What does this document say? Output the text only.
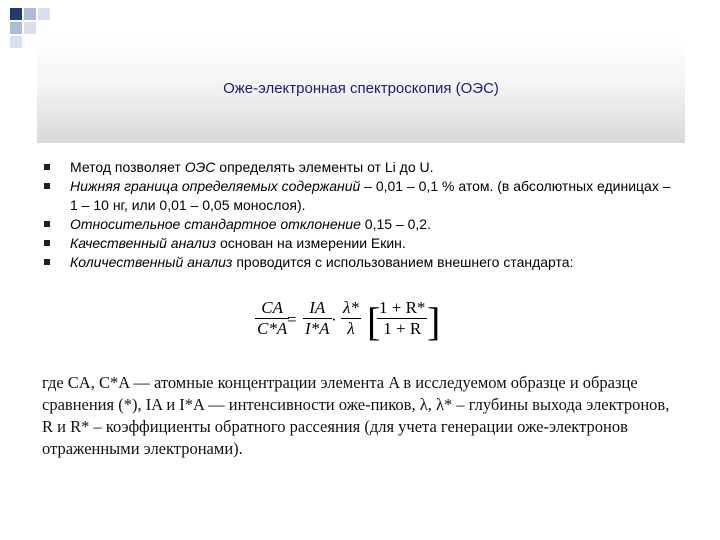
Оже-электронная спектроскопия (ОЭС)
Метод позволяет ОЭС определять элементы от Li до U.
Нижняя граница определяемых содержаний – 0,01 – 0,1 % атом. (в абсолютных единицах – 1 – 10 нг, или 0,01 – 0,05 монослоя).
Относительное стандартное отклонение 0,15 – 0,2.
Качественный анализ основан на измерении Eкин.
Количественный анализ проводится с использованием внешнего стандарта:
$\frac{CA}{C*A}$
= $\frac{IA}{I*A} \cdot \frac{\lambda*}{\lambda}$ [
$\frac{1 + R*}{1 + R}$ ]
где CA, C*A — атомные концентрации элемента A в исследуемом образце и образце сравнения (*), IA и I*A — интенсивности оже-пиков, λ, λ* – глубины выхода электронов, R и R* – коэффициенты обратного рассеяния (для учета генерации оже-электронов отраженными электронами).
